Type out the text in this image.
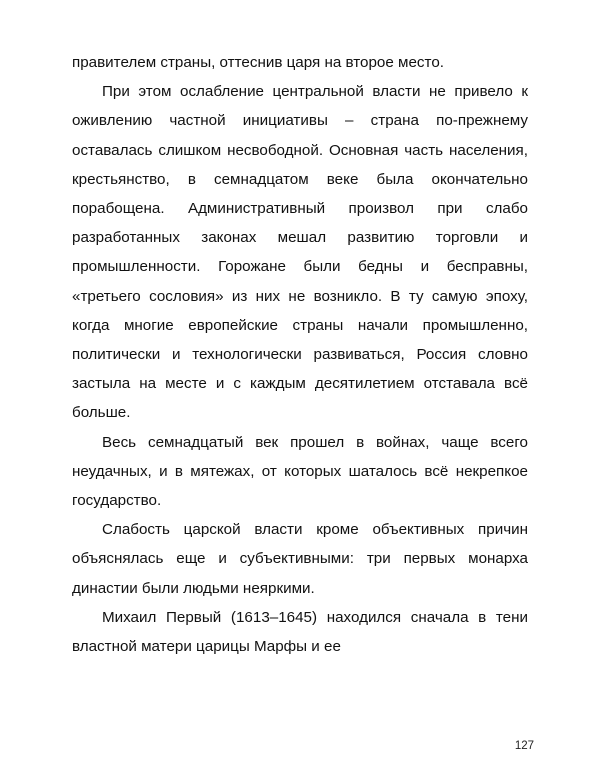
правителем страны, оттеснив царя на второе место.

При этом ослабление центральной власти не привело к оживлению частной инициативы – страна по-прежнему оставалась слишком несвободной. Основная часть населения, крестьянство, в семнадцатом веке была окончательно порабощена. Административный произвол при слабо разработанных законах мешал развитию торговли и промышленности. Горожане были бедны и бесправны, «третьего сословия» из них не возникло. В ту самую эпоху, когда многие европейские страны начали промышленно, политически и технологически развиваться, Россия словно застыла на месте и с каждым десятилетием отставала всё больше.

Весь семнадцатый век прошел в войнах, чаще всего неудачных, и в мятежах, от которых шаталось всё некрепкое государство.

Слабость царской власти кроме объективных причин объяснялась еще и субъективными: три первых монарха династии были людьми неяркими.

Михаил Первый (1613–1645) находился сначала в тени властной матери царицы Марфы и ее

127
